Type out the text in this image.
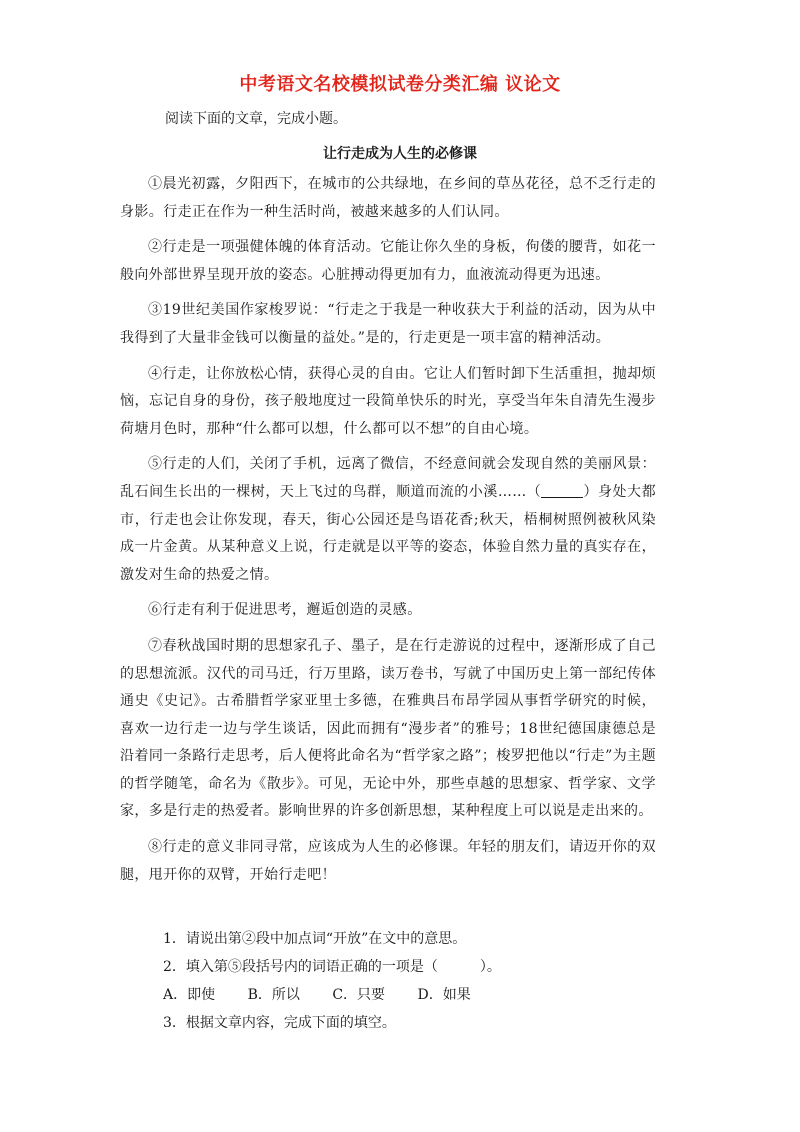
中考语文名校模拟试卷分类汇编 议论文
阅读下面的文章，完成小题。
让行走成为人生的必修课

①晨光初露，夕阳西下，在城市的公共绿地，在乡间的草丛花径，总不乏行走的身影。行走正在作为一种生活时尚，被越来越多的人们认同。

②行走是一项强健体魄的体育活动。它能让你久坐的身板，佝偻的腰背，如花一般向外部世界呈现开放的姿态。心脏搏动得更加有力，血液流动得更为迅速。

③19世纪美国作家梭罗说：“行走之于我是一种收获大于利益的活动，因为从中我得到了大量非金钱可以衡量的益处。”是的，行走更是一项丰富的精神活动。

④行走，让你放松心情，获得心灵的自由。它让人们暂时卸下生活重担，抛却烦恼，忘记自身的身份，孩子般地度过一段简单快乐的时光，享受当年朱自清先生漫步荷塘月色时，那种“什么都可以想，什么都可以不想”的自由心境。

⑤行走的人们，关闭了手机，远离了微信，不经意间就会发现自然的美丽风景：乱石间生长出的一棵树，天上飞过的鸟群，顺道而流的小溪……（	）身处大都市，行走也会让你发现，春天，街心公园还是鸟语花香;秋天，梧桐树照例被秋风染成一片金黄。从某种意义上说，行走就是以平等的姿态，体验自然力量的真实存在，激发对生命的热爱之情。

⑥行走有利于促进思考，邂逅创造的灵感。

⑦春秋战国时期的思想家孔子、墨子，是在行走游说的过程中，逐渐形成了自己的思想流派。汉代的司马迁，行万里路，读万卷书，写就了中国历史上第一部纪传体通史《史记》。古希腊哲学家亚里士多德，在雅典吕布昂学园从事哲学研究的时候，喜欢一边行走一边与学生谈话，因此而拥有“漫步者”的雅号；18世纪德国康德总是沿着同一条路行走思考，后人便将此命名为“哲学家之路”；梭罗把他以“行走”为主题的哲学随笔，命名为《散步》。可见，无论中外，那些卓越的思想家、哲学家、文学家，多是行走的热爱者。影响世界的许多创新思想，某种程度上可以说是走出来的。

⑧行走的意义非同寻常，应该成为人生的必修课。年轻的朋友们，请迈开你的双腿，甩开你的双臂，开始行走吧！

1．请说出第②段中加点词“开放”在文中的意思。

2．填入第⑤段括号内的词语正确的一项是（　　　）。

A．即使 B．所以 C．只要 D．如果

3．根据文章内容，完成下面的填空。
